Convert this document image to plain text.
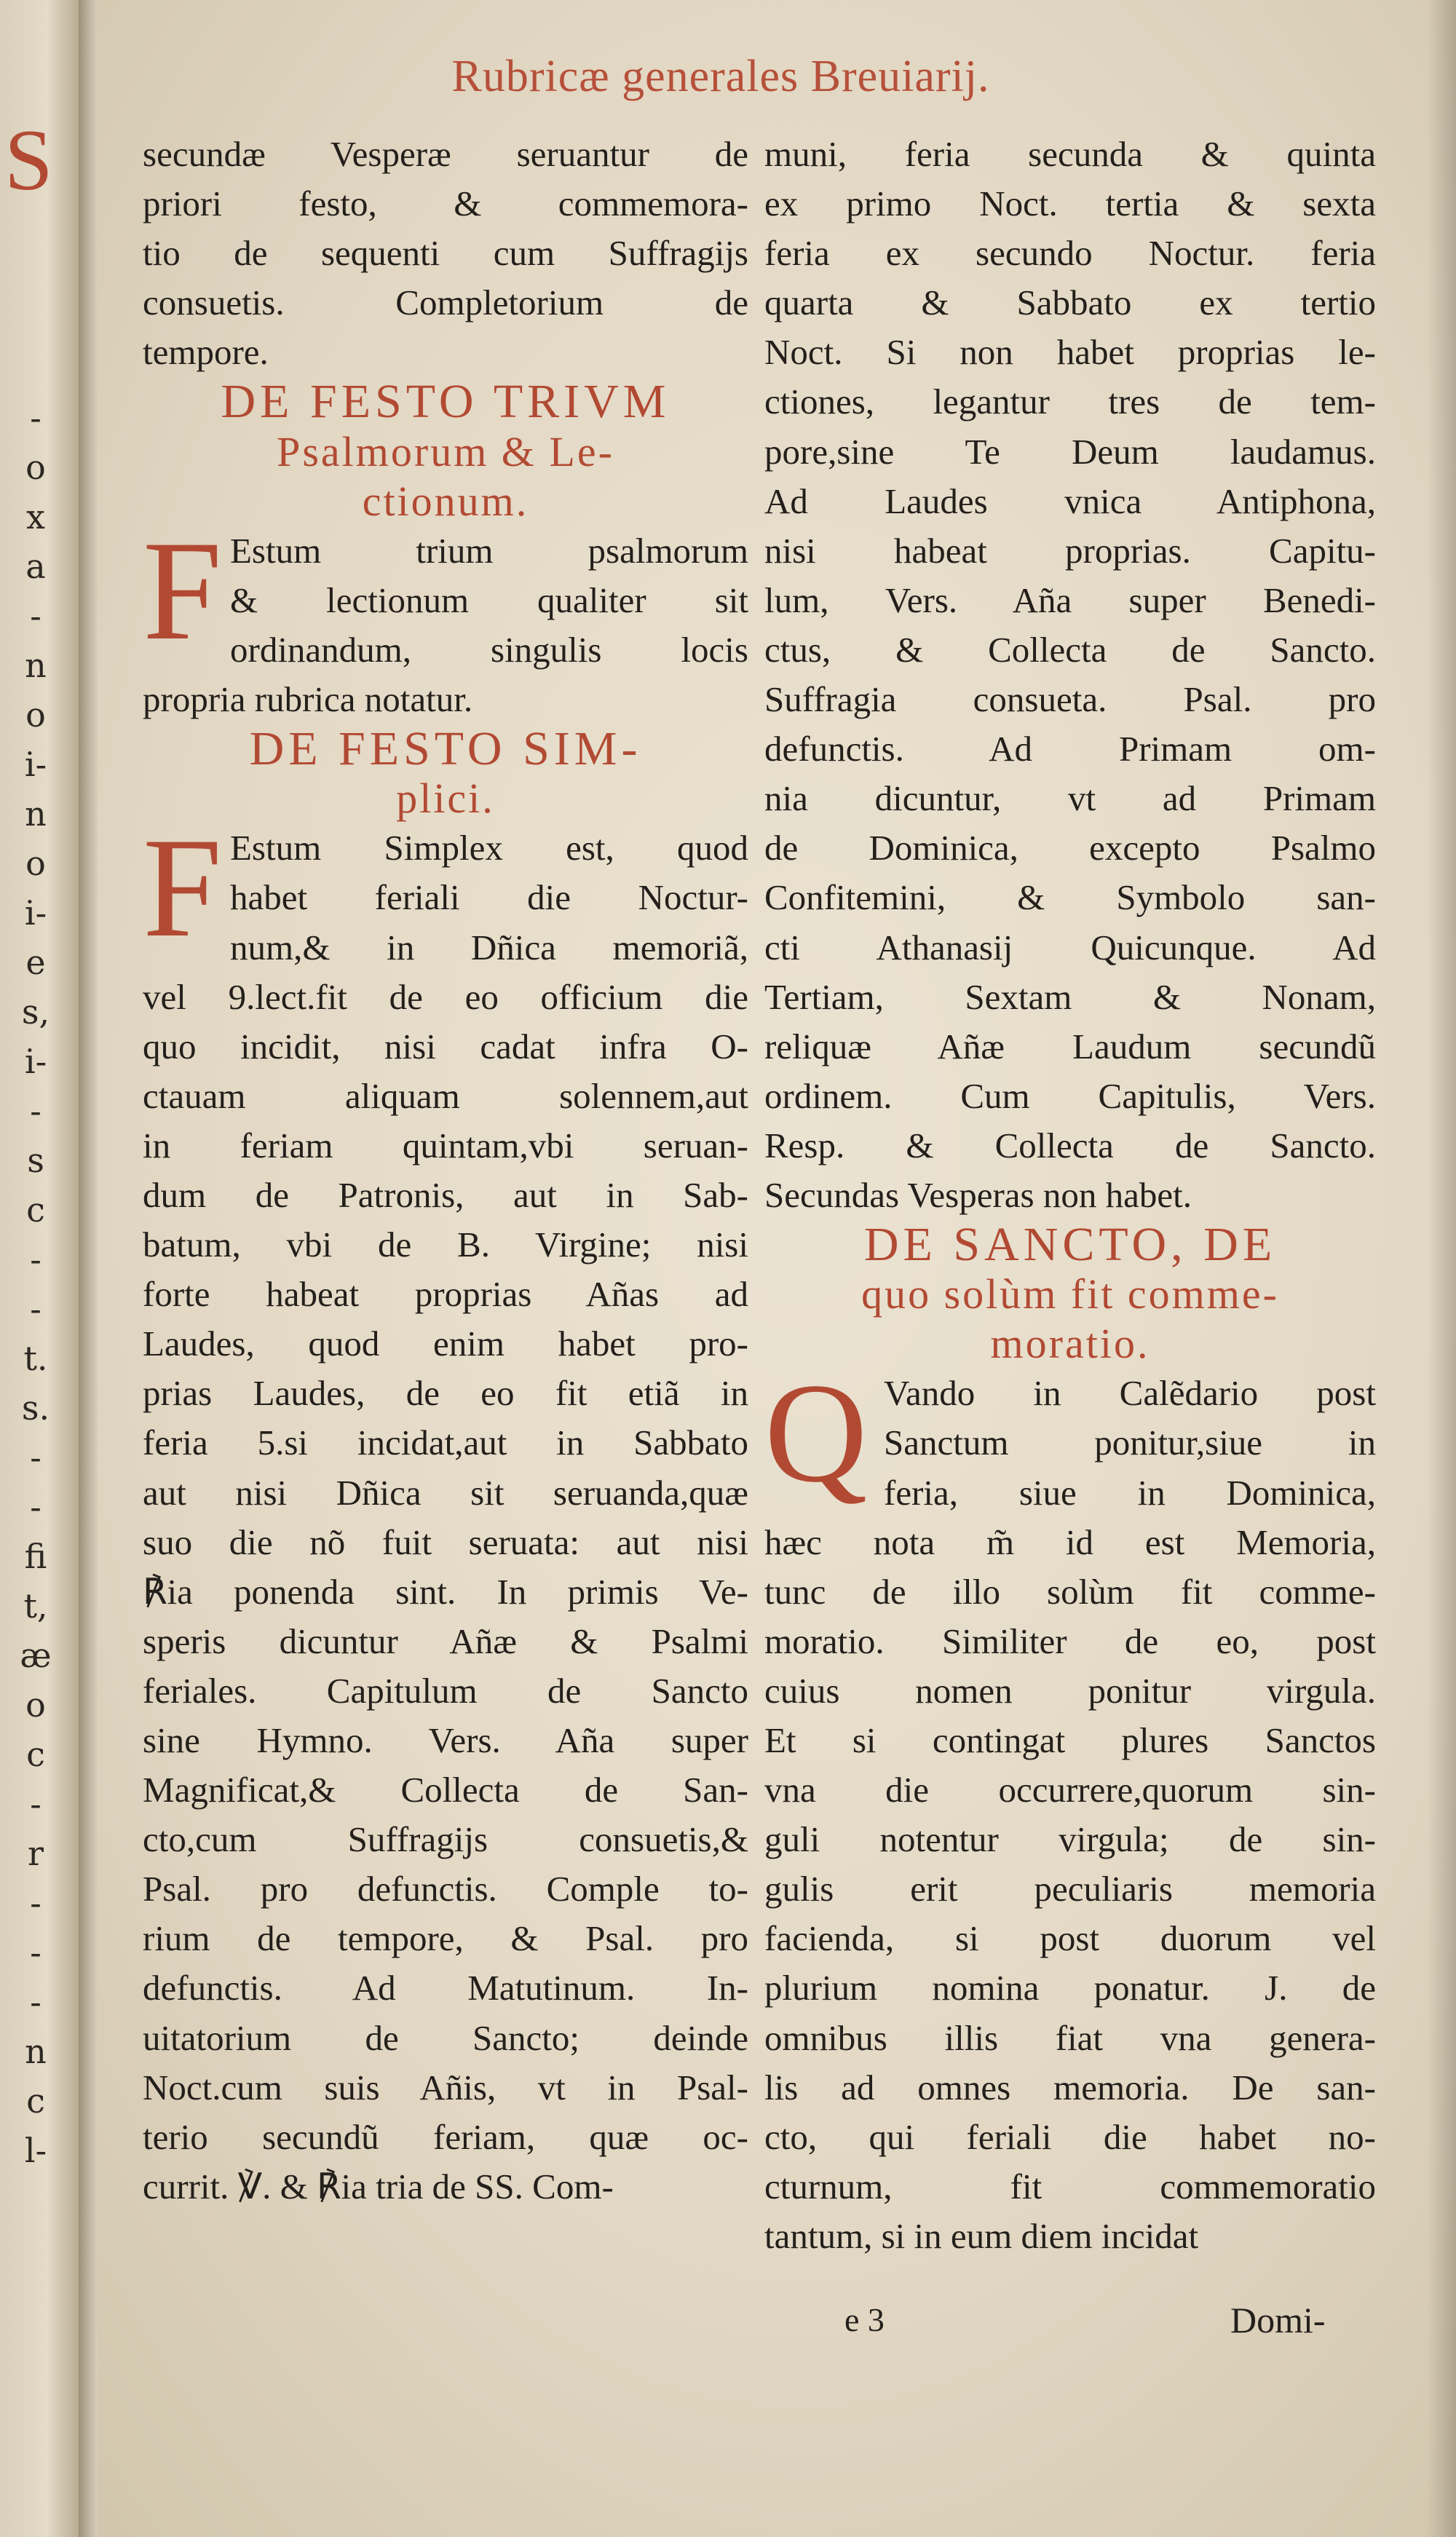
S
-
o
x
a
-
n
o
i-
n
o
i-
e
s,
i-
-
s
c
-
-
t.
s.
-
-
fi
t,
æ
o
c
-
r
-
-
-
n
c
l-
Rubricæ generales Breuiarij.
secundæ Vesperæ seruantur de
priori festo, & commemora-
tio de sequenti cum Suffragijs
consuetis. Completorium de
tempore.
DE FESTO TRIVM
Psalmorum & Le-
ctionum.
F Estum trium psalmorum
& lectionum qualiter sit
ordinandum, singulis locis
propria rubrica notatur.
DE FESTO SIM-
plici.
F Estum Simplex est, quod
habet feriali die Noctur-
num,& in Dñica memoriã,
vel 9.lect.fit de eo officium die
quo incidit, nisi cadat infra O-
ctauam aliquam solennem,aut
in feriam quintam,vbi seruan-
dum de Patronis, aut in Sab-
batum, vbi de B. Virgine; nisi
forte habeat proprias Añas ad
Laudes, quod enim habet pro-
prias Laudes, de eo fit etiã in
feria 5.si incidat,aut in Sabbato
aut nisi Dñica sit seruanda,quæ
suo die nõ fuit seruata: aut nisi
℟ia ponenda sint. In primis Ve-
speris dicuntur Añæ & Psalmi
feriales. Capitulum de Sancto
sine Hymno. Vers. Aña super
Magnificat,& Collecta de San-
cto,cum Suffragijs consuetis,&
Psal. pro defunctis. Comple to-
rium de tempore, & Psal. pro
defunctis. Ad Matutinum. In-
uitatorium de Sancto; deinde
Noct.cum suis Añis, vt in Psal-
terio secundũ feriam, quæ oc-
currit. ℣. & ℟ia tria de SS. Com-
muni, feria secunda & quinta
ex primo Noct. tertia & sexta
feria ex secundo Noctur. feria
quarta & Sabbato ex tertio
Noct. Si non habet proprias le-
ctiones, legantur tres de tem-
pore,sine Te Deum laudamus.
Ad Laudes vnica Antiphona,
nisi habeat proprias. Capitu-
lum, Vers. Aña super Benedi-
ctus, & Collecta de Sancto.
Suffragia consueta. Psal. pro
defunctis. Ad Primam om-
nia dicuntur, vt ad Primam
de Dominica, excepto Psalmo
Confitemini, & Symbolo san-
cti Athanasij Quicunque. Ad
Tertiam, Sextam & Nonam,
reliquæ Añæ Laudum secundũ
ordinem. Cum Capitulis, Vers.
Resp. & Collecta de Sancto.
Secundas Vesperas non habet.
DE SANCTO, DE
quo solùm fit comme-
moratio.
Q Vando in Calẽdario post
Sanctum ponitur,siue in
feria, siue in Dominica,
hæc nota m̃ id est Memoria,
tunc de illo solùm fit comme-
moratio. Similiter de eo, post
cuius nomen ponitur virgula.
Et si contingat plures Sanctos
vna die occurrere,quorum sin-
guli notentur virgula; de sin-
gulis erit peculiaris memoria
facienda, si post duorum vel
plurium nomina ponatur. J. de
omnibus illis fiat vna genera-
lis ad omnes memoria. De san-
cto, qui feriali die habet no-
cturnum, fit commemoratio
tantum, si in eum diem incidat
e 3	Domi-
